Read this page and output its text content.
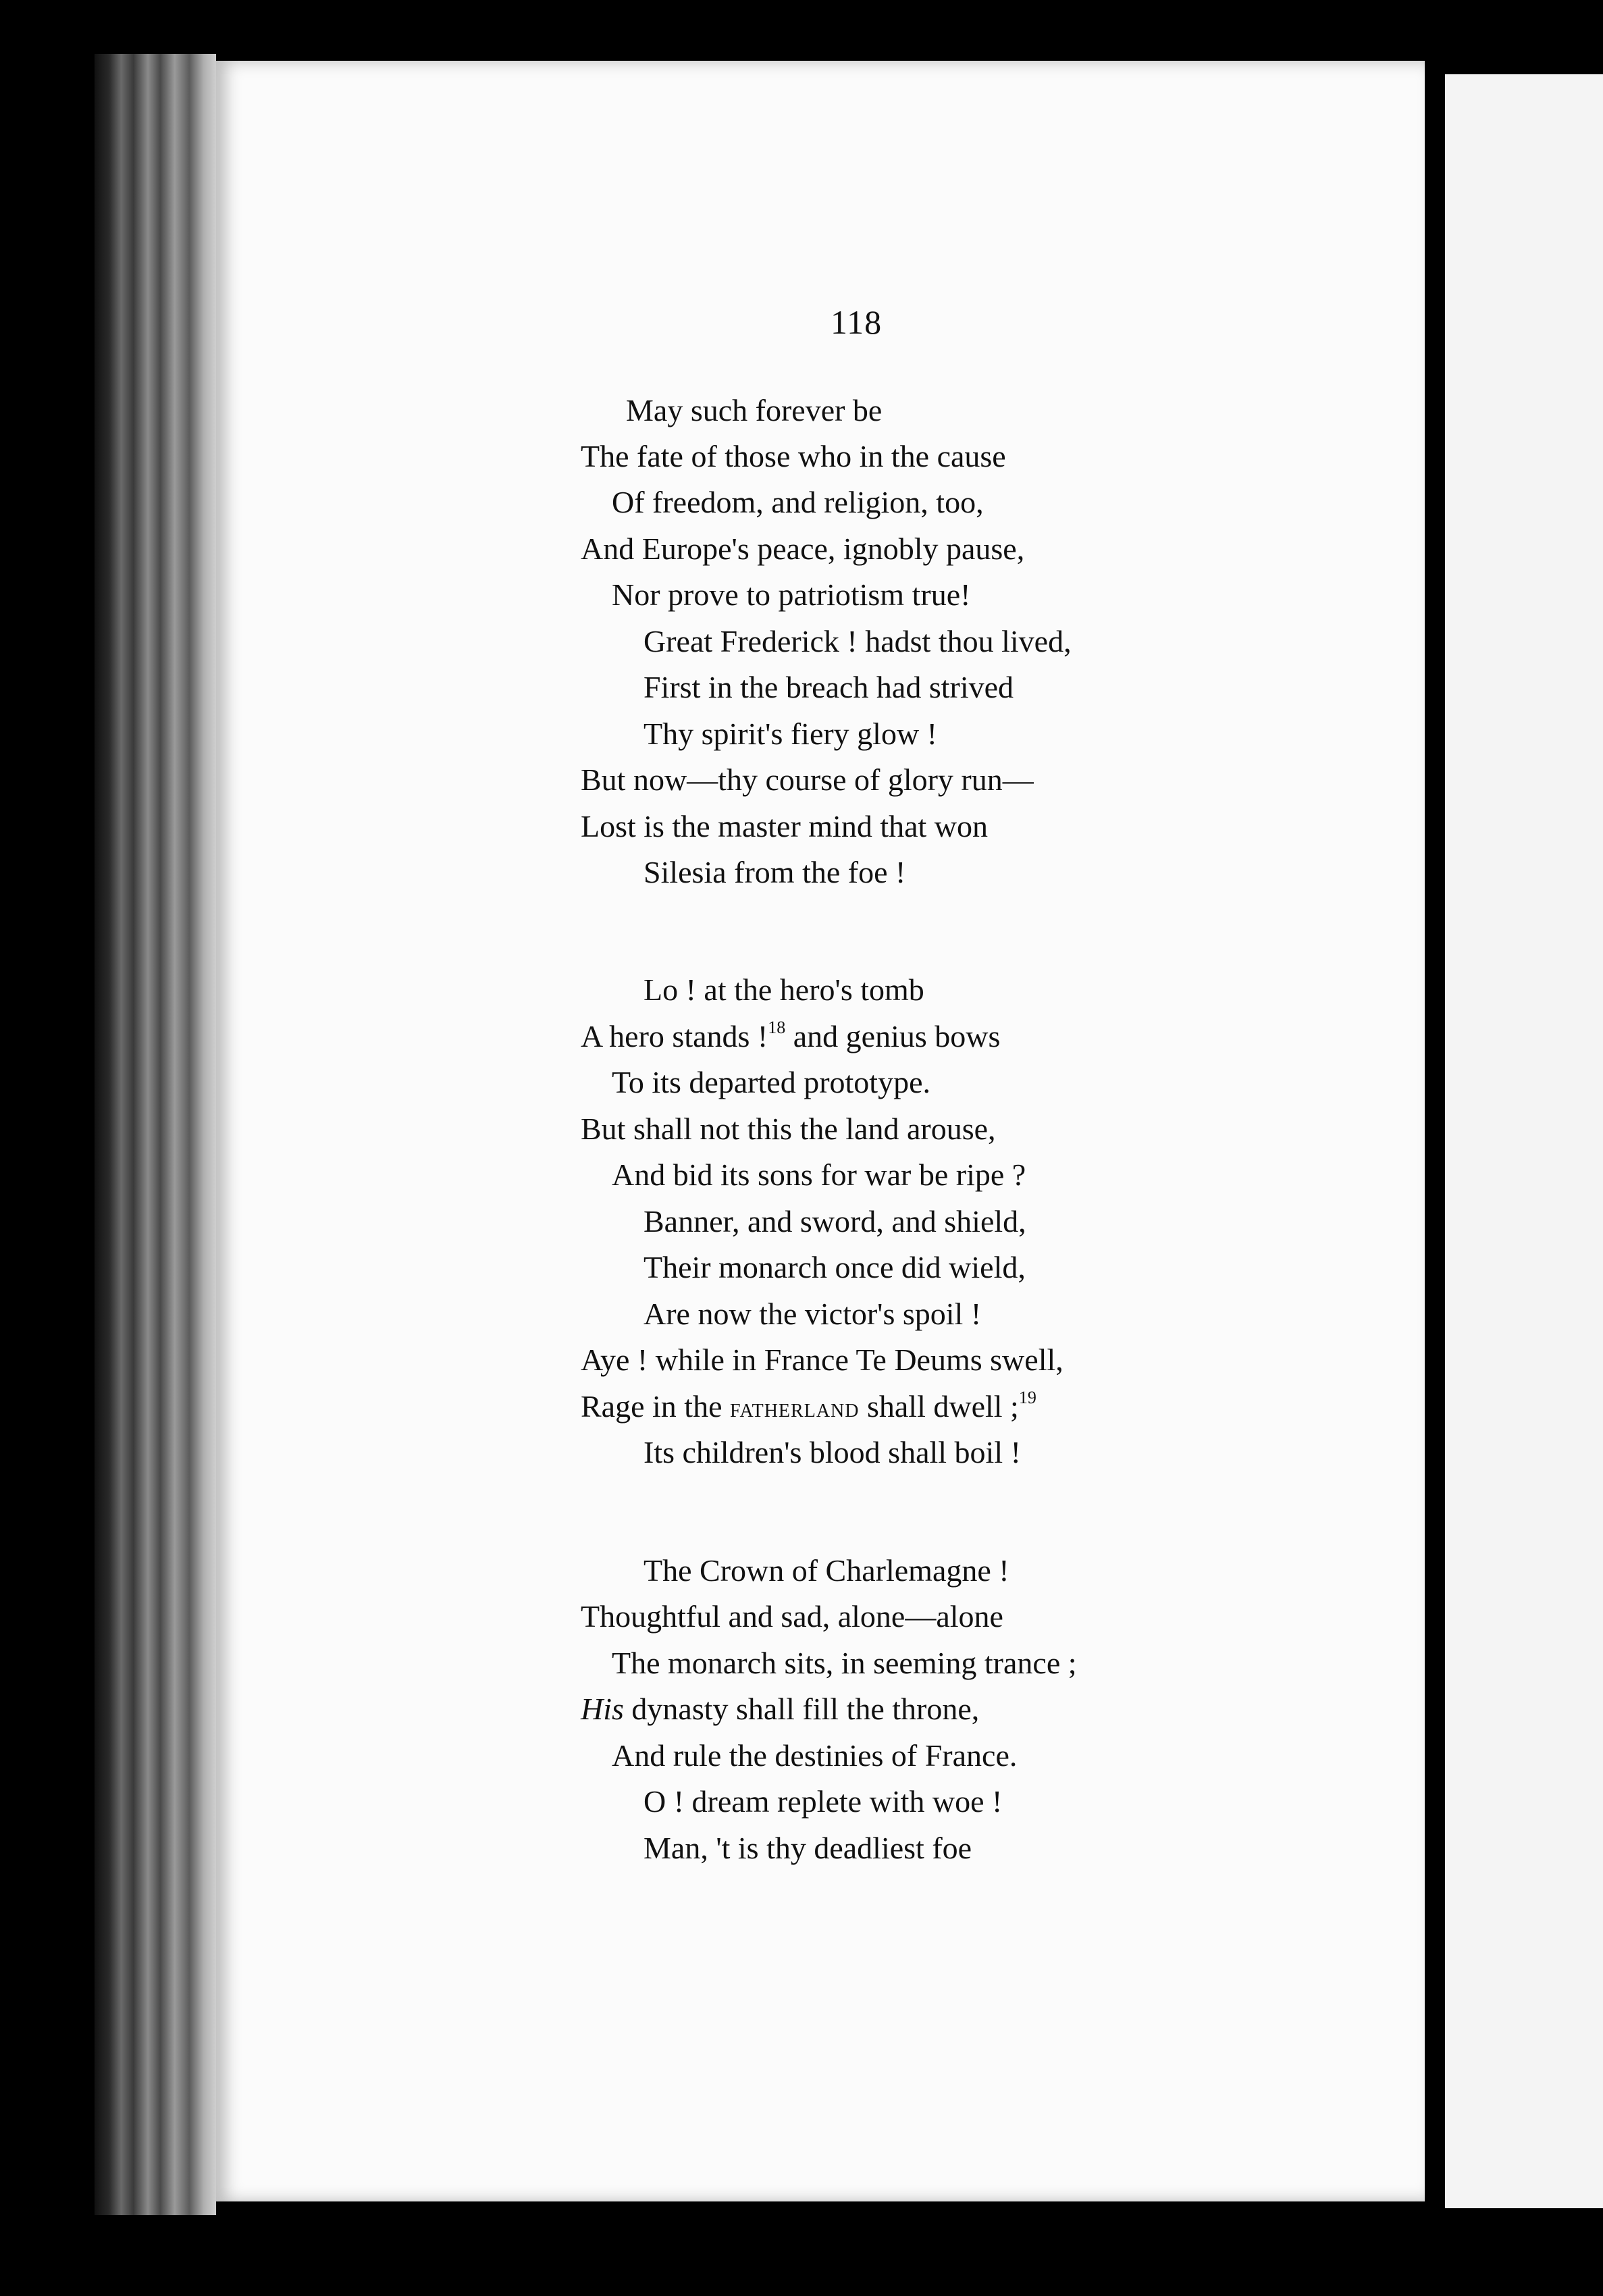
118
May such forever be
The fate of those who in the cause
Of freedom, and religion, too,
And Europe's peace, ignobly pause,
Nor prove to patriotism true!
Great Frederick ! hadst thou lived,
First in the breach had strived
Thy spirit's fiery glow !
But now—thy course of glory run—
Lost is the master mind that won
Silesia from the foe !
Lo ! at the hero's tomb
A hero stands !$^{18}$ and genius bows
To its departed prototype.
But shall not this the land arouse,
And bid its sons for war be ripe ?
Banner, and sword, and shield,
Their monarch once did wield,
Are now the victor's spoil !
Aye ! while in France Te Deums swell,
Rage in the fatherland shall dwell ;$^{19}$
Its children's blood shall boil !
The Crown of Charlemagne !
Thoughtful and sad, alone—alone
The monarch sits, in seeming trance ;
His dynasty shall fill the throne,
And rule the destinies of France.
O ! dream replete with woe !
Man, 't is thy deadliest foe
